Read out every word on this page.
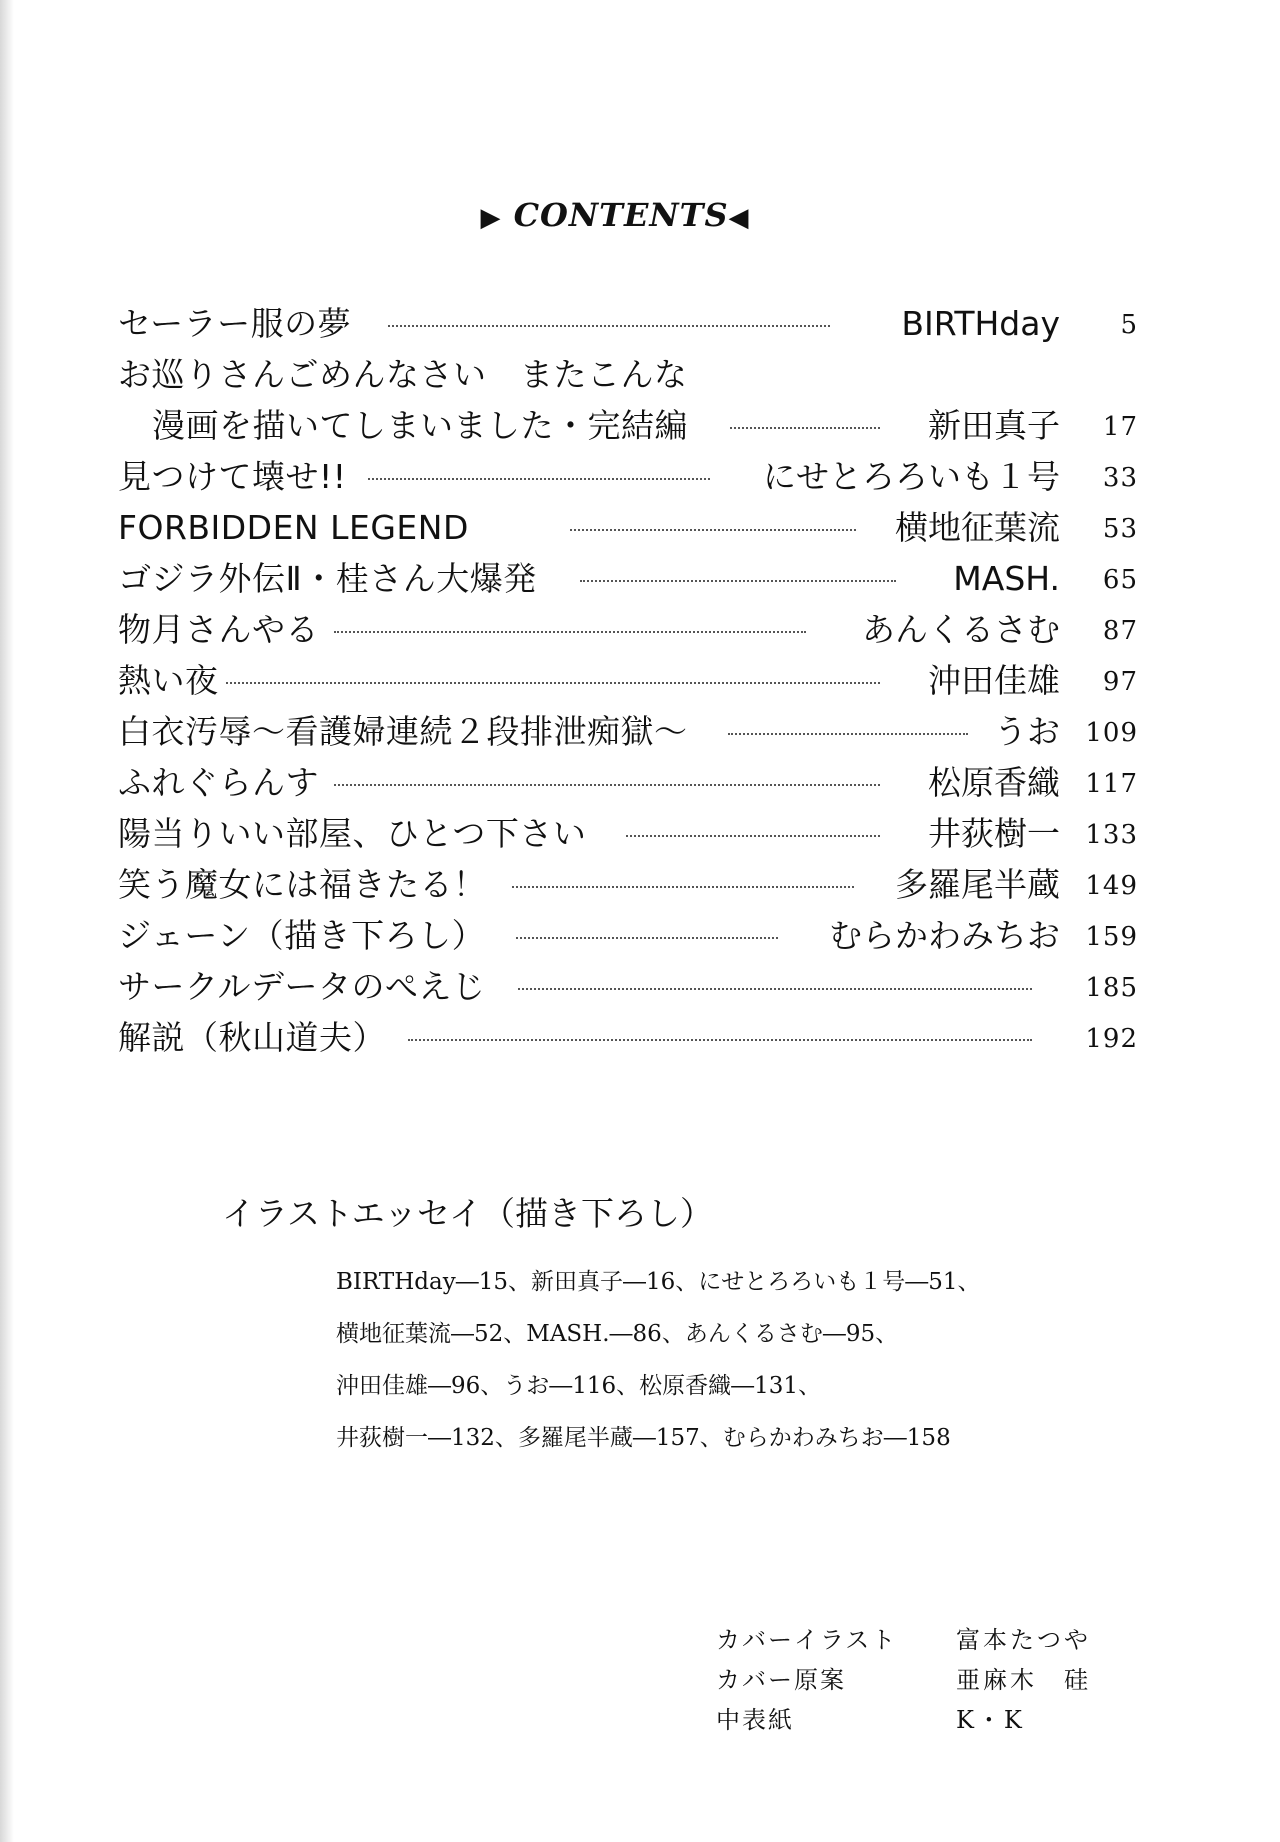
▶ CONTENTS◀
セーラー服の夢	BIRTHday	5
お巡りさんごめんなさい　またこんな
漫画を描いてしまいました・完結編	新田真子	17
見つけて壊せ!!	にせとろろいも１号	33
FORBIDDEN LEGEND	横地征葉流	53
ゴジラ外伝Ⅱ・桂さん大爆発	MASH.	65
物月さんやる	あんくるさむ	87
熱い夜	沖田佳雄	97
白衣汚辱～看護婦連続２段排泄痴獄～	うお 109
ふれぐらんす	松原香織 117
陽当りいい部屋、ひとつ下さい	井荻樹一 133
笑う魔女には福きたる！	多羅尾半蔵 149
ジェーン（描き下ろし）	むらかわみちお 159
サークルデータのぺえじ	185
解説（秋山道夫）	192
イラストエッセイ（描き下ろし）
BIRTHday―15、新田真子―16、にせとろろいも１号―51、
横地征葉流―52、MASH.―86、あんくるさむ―95、
沖田佳雄―96、うお―116、松原香織―131、
井荻樹一―132、多羅尾半蔵―157、むらかわみちお―158
カバーイラスト 富本たつや
カバー原案	亜麻木　硅
中表紙	K・K
